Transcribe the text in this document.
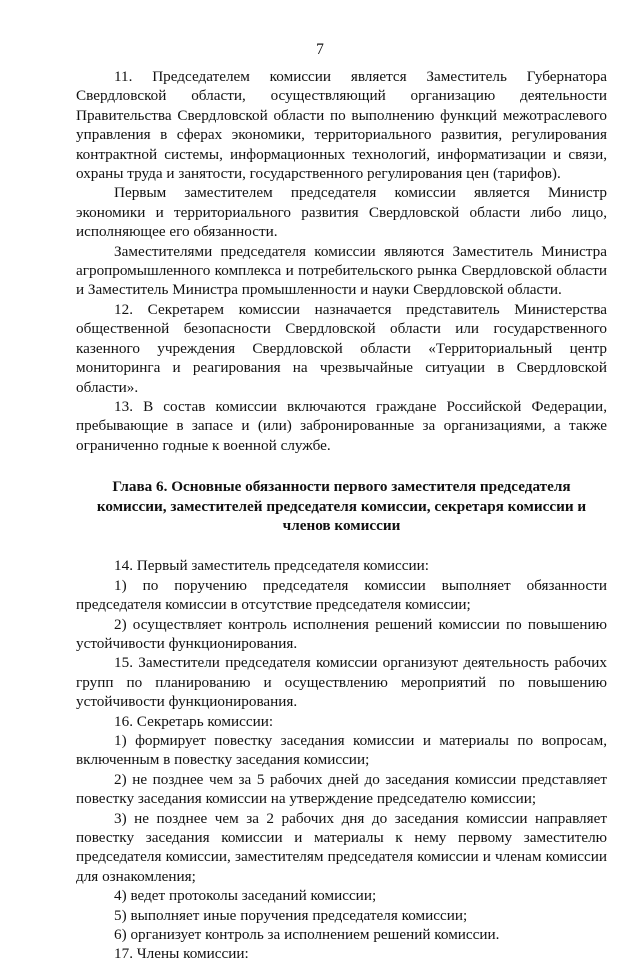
7

11. Председателем комиссии является Заместитель Губернатора Свердловской области, осуществляющий организацию деятельности Правительства Свердловской области по выполнению функций межотраслевого управления в сферах экономики, территориального развития, регулирования контрактной системы, информационных технологий, информатизации и связи, охраны труда и занятости, государственного регулирования цен (тарифов).

Первым заместителем председателя комиссии является Министр экономики и территориального развития Свердловской области либо лицо, исполняющее его обязанности.

Заместителями председателя комиссии являются Заместитель Министра агропромышленного комплекса и потребительского рынка Свердловской области и Заместитель Министра промышленности и науки Свердловской области.

12. Секретарем комиссии назначается представитель Министерства общественной безопасности Свердловской области или государственного казенного учреждения Свердловской области «Территориальный центр мониторинга и реагирования на чрезвычайные ситуации в Свердловской области».

13. В состав комиссии включаются граждане Российской Федерации, пребывающие в запасе и (или) забронированные за организациями, а также ограниченно годные к военной службе.

Глава 6. Основные обязанности первого заместителя председателя комиссии, заместителей председателя комиссии, секретаря комиссии и членов комиссии

14. Первый заместитель председателя комиссии:

1) по поручению председателя комиссии выполняет обязанности председателя комиссии в отсутствие председателя комиссии;

2) осуществляет контроль исполнения решений комиссии по повышению устойчивости функционирования.

15. Заместители председателя комиссии организуют деятельность рабочих групп по планированию и осуществлению мероприятий по повышению устойчивости функционирования.

16. Секретарь комиссии:

1) формирует повестку заседания комиссии и материалы по вопросам, включенным в повестку заседания комиссии;

2) не позднее чем за 5 рабочих дней до заседания комиссии представляет повестку заседания комиссии на утверждение председателю комиссии;

3) не позднее чем за 2 рабочих дня до заседания комиссии направляет повестку заседания комиссии и материалы к нему первому заместителю председателя комиссии, заместителям председателя комиссии и членам комиссии для ознакомления;

4) ведет протоколы заседаний комиссии;

5) выполняет иные поручения председателя комиссии;

6) организует контроль за исполнением решений комиссии.

17. Члены комиссии:
